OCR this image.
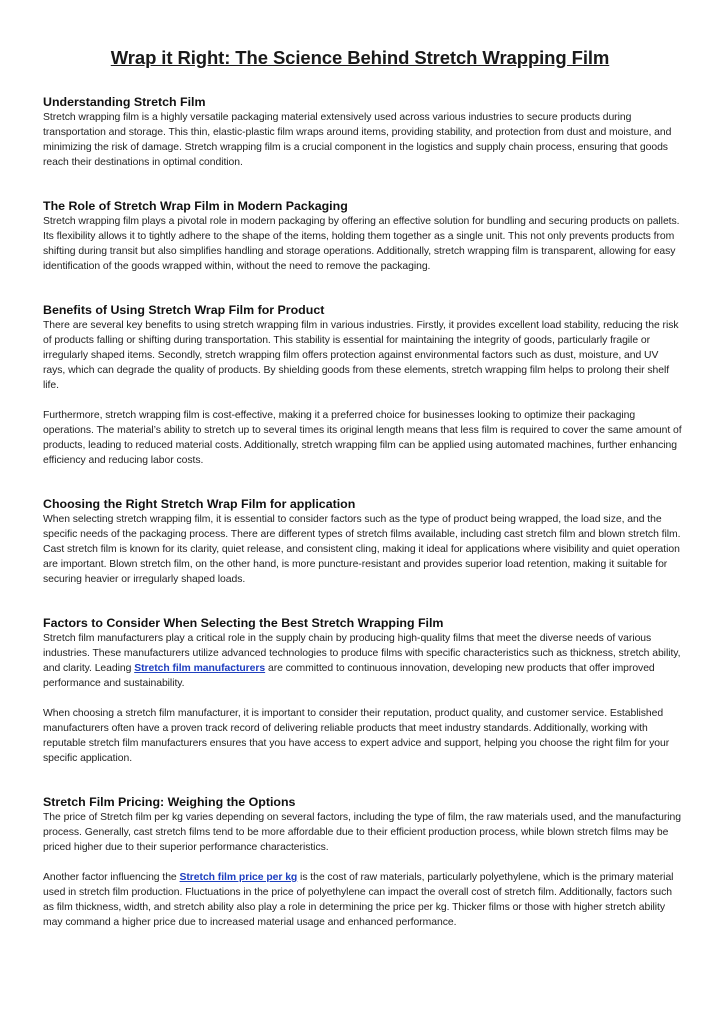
Wrap it Right: The Science Behind Stretch Wrapping Film
Understanding Stretch Film

Stretch wrapping film is a highly versatile packaging material extensively used across various industries to secure products during transportation and storage. This thin, elastic-plastic film wraps around items, providing stability, and protection from dust and moisture, and minimizing the risk of damage. Stretch wrapping film is a crucial component in the logistics and supply chain process, ensuring that goods reach their destinations in optimal condition.

The Role of Stretch Wrap Film in Modern Packaging

Stretch wrapping film plays a pivotal role in modern packaging by offering an effective solution for bundling and securing products on pallets. Its flexibility allows it to tightly adhere to the shape of the items, holding them together as a single unit. This not only prevents products from shifting during transit but also simplifies handling and storage operations. Additionally, stretch wrapping film is transparent, allowing for easy identification of the goods wrapped within, without the need to remove the packaging.

Benefits of Using Stretch Wrap Film for Product

There are several key benefits to using stretch wrapping film in various industries. Firstly, it provides excellent load stability, reducing the risk of products falling or shifting during transportation. This stability is essential for maintaining the integrity of goods, particularly fragile or irregularly shaped items. Secondly, stretch wrapping film offers protection against environmental factors such as dust, moisture, and UV rays, which can degrade the quality of products. By shielding goods from these elements, stretch wrapping film helps to prolong their shelf life.

Furthermore, stretch wrapping film is cost-effective, making it a preferred choice for businesses looking to optimize their packaging operations. The material’s ability to stretch up to several times its original length means that less film is required to cover the same amount of products, leading to reduced material costs. Additionally, stretch wrapping film can be applied using automated machines, further enhancing efficiency and reducing labor costs.

Choosing the Right Stretch Wrap Film for application

When selecting stretch wrapping film, it is essential to consider factors such as the type of product being wrapped, the load size, and the specific needs of the packaging process. There are different types of stretch films available, including cast stretch film and blown stretch film. Cast stretch film is known for its clarity, quiet release, and consistent cling, making it ideal for applications where visibility and quiet operation are important. Blown stretch film, on the other hand, is more puncture-resistant and provides superior load retention, making it suitable for securing heavier or irregularly shaped loads.

Factors to Consider When Selecting the Best Stretch Wrapping Film

Stretch film manufacturers play a critical role in the supply chain by producing high-quality films that meet the diverse needs of various industries. These manufacturers utilize advanced technologies to produce films with specific characteristics such as thickness, stretch ability, and clarity. Leading Stretch film manufacturers are committed to continuous innovation, developing new products that offer improved performance and sustainability.

When choosing a stretch film manufacturer, it is important to consider their reputation, product quality, and customer service. Established manufacturers often have a proven track record of delivering reliable products that meet industry standards. Additionally, working with reputable stretch film manufacturers ensures that you have access to expert advice and support, helping you choose the right film for your specific application.

Stretch Film Pricing: Weighing the Options

The price of Stretch film per kg varies depending on several factors, including the type of film, the raw materials used, and the manufacturing process. Generally, cast stretch films tend to be more affordable due to their efficient production process, while blown stretch films may be priced higher due to their superior performance characteristics.

Another factor influencing the Stretch film price per kg is the cost of raw materials, particularly polyethylene, which is the primary material used in stretch film production. Fluctuations in the price of polyethylene can impact the overall cost of stretch film. Additionally, factors such as film thickness, width, and stretch ability also play a role in determining the price per kg. Thicker films or those with higher stretch ability may command a higher price due to increased material usage and enhanced performance.
